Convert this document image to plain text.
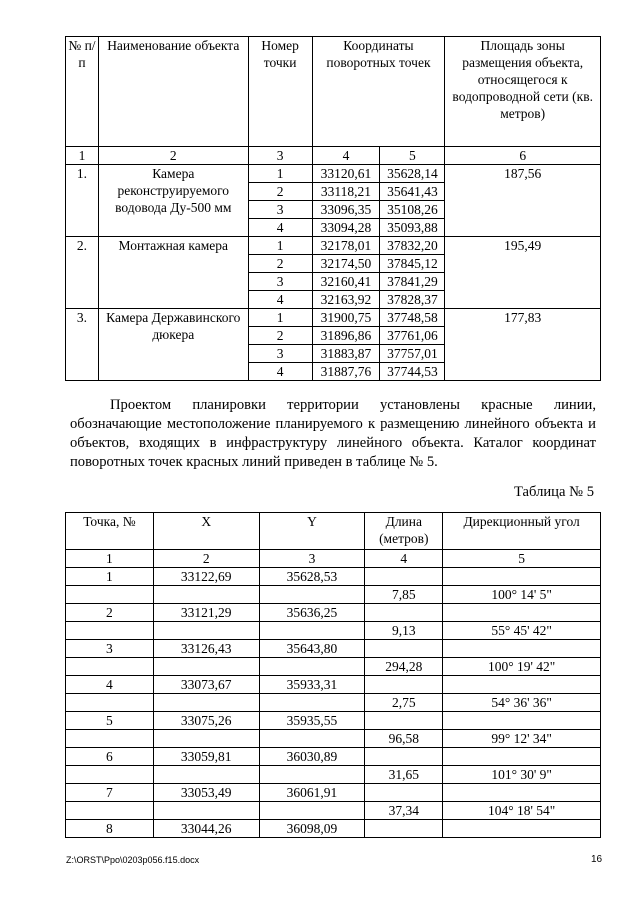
№ п/п	Наименование объекта	Номер точки	Координаты поворотных точек		Площадь зоны размещения объекта, относящегося к водопроводной сети (кв. метров)
1	2	3	4	5	6
1.	Камера реконструируемого водовода Ду-500 мм	1	33120,61	35628,14	187,56
		2	33118,21	35641,43	
		3	33096,35	35108,26	
		4	33094,28	35093,88	
2.	Монтажная камера	1	32178,01	37832,20	195,49
		2	32174,50	37845,12	
		3	32160,41	37841,29	
		4	32163,92	37828,37	
3.	Камера Державинского дюкера	1	31900,75	37748,58	177,83
		2	31896,86	37761,06	
		3	31883,87	37757,01	
		4	31887,76	37744,53	
Проектом планировки территории установлены красные линии, обозначающие местоположение планируемого к размещению линейного объекта и объектов, входящих в инфраструктуру линейного объекта. Каталог координат поворотных точек красных линий приведен в таблице № 5.
Таблица № 5
Точка, №	X	Y	Длина (метров)	Дирекционный угол
1	2	3	4	5
1	33122,69	35628,53		
			7,85	100° 14' 5"
2	33121,29	35636,25		
			9,13	55° 45' 42"
3	33126,43	35643,80		
			294,28	100° 19' 42"
4	33073,67	35933,31		
			2,75	54° 36' 36"
5	33075,26	35935,55		
			96,58	99° 12' 34"
6	33059,81	36030,89		
			31,65	101° 30' 9"
7	33053,49	36061,91		
			37,34	104° 18' 54"
8	33044,26	36098,09		
Z:\ORST\Ppo\0203p056.f15.docx	16
